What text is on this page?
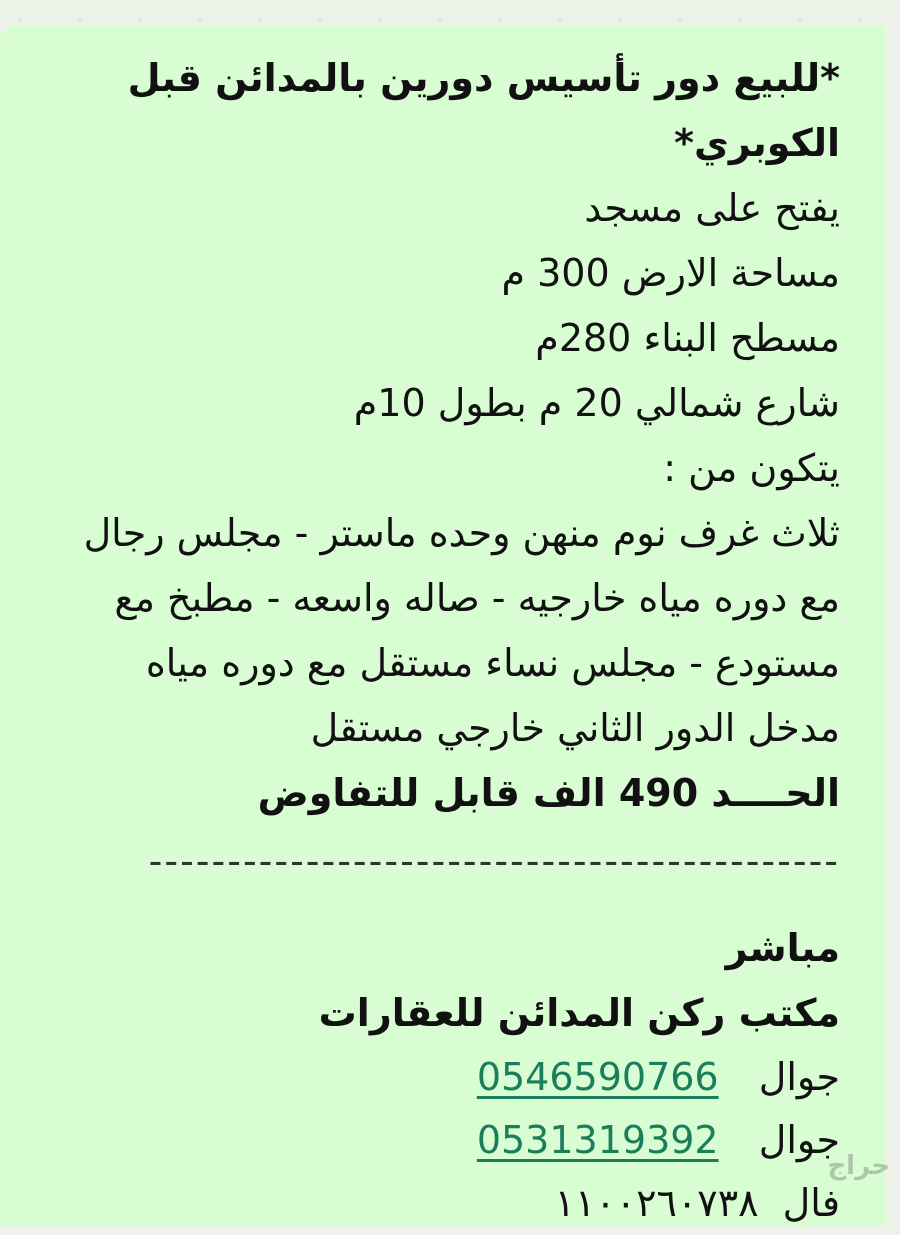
*للبيع دور تأسيس دورين بالمدائن قبل الكوبري*
يفتح على مسجد
مساحة الارض 300 م
مسطح البناء 280م
شارع شمالي 20 م بطول 10م
يتكون من :
ثلاث غرف نوم منهن وحده ماستر - مجلس رجال
مع دوره مياه خارجيه - صاله واسعه - مطبخ مع
مستودع - مجلس نساء مستقل مع دوره مياه
مدخل الدور الثاني خارجي مستقل
الحــــد 490 الف قابل للتفاوض
--------------------------------------------
مباشر
مكتب ركن المدائن للعقارات
جوال 0546590766
جوال 0531319392
فال ١١٠٠٢٦٠٧٣٨
حراج
